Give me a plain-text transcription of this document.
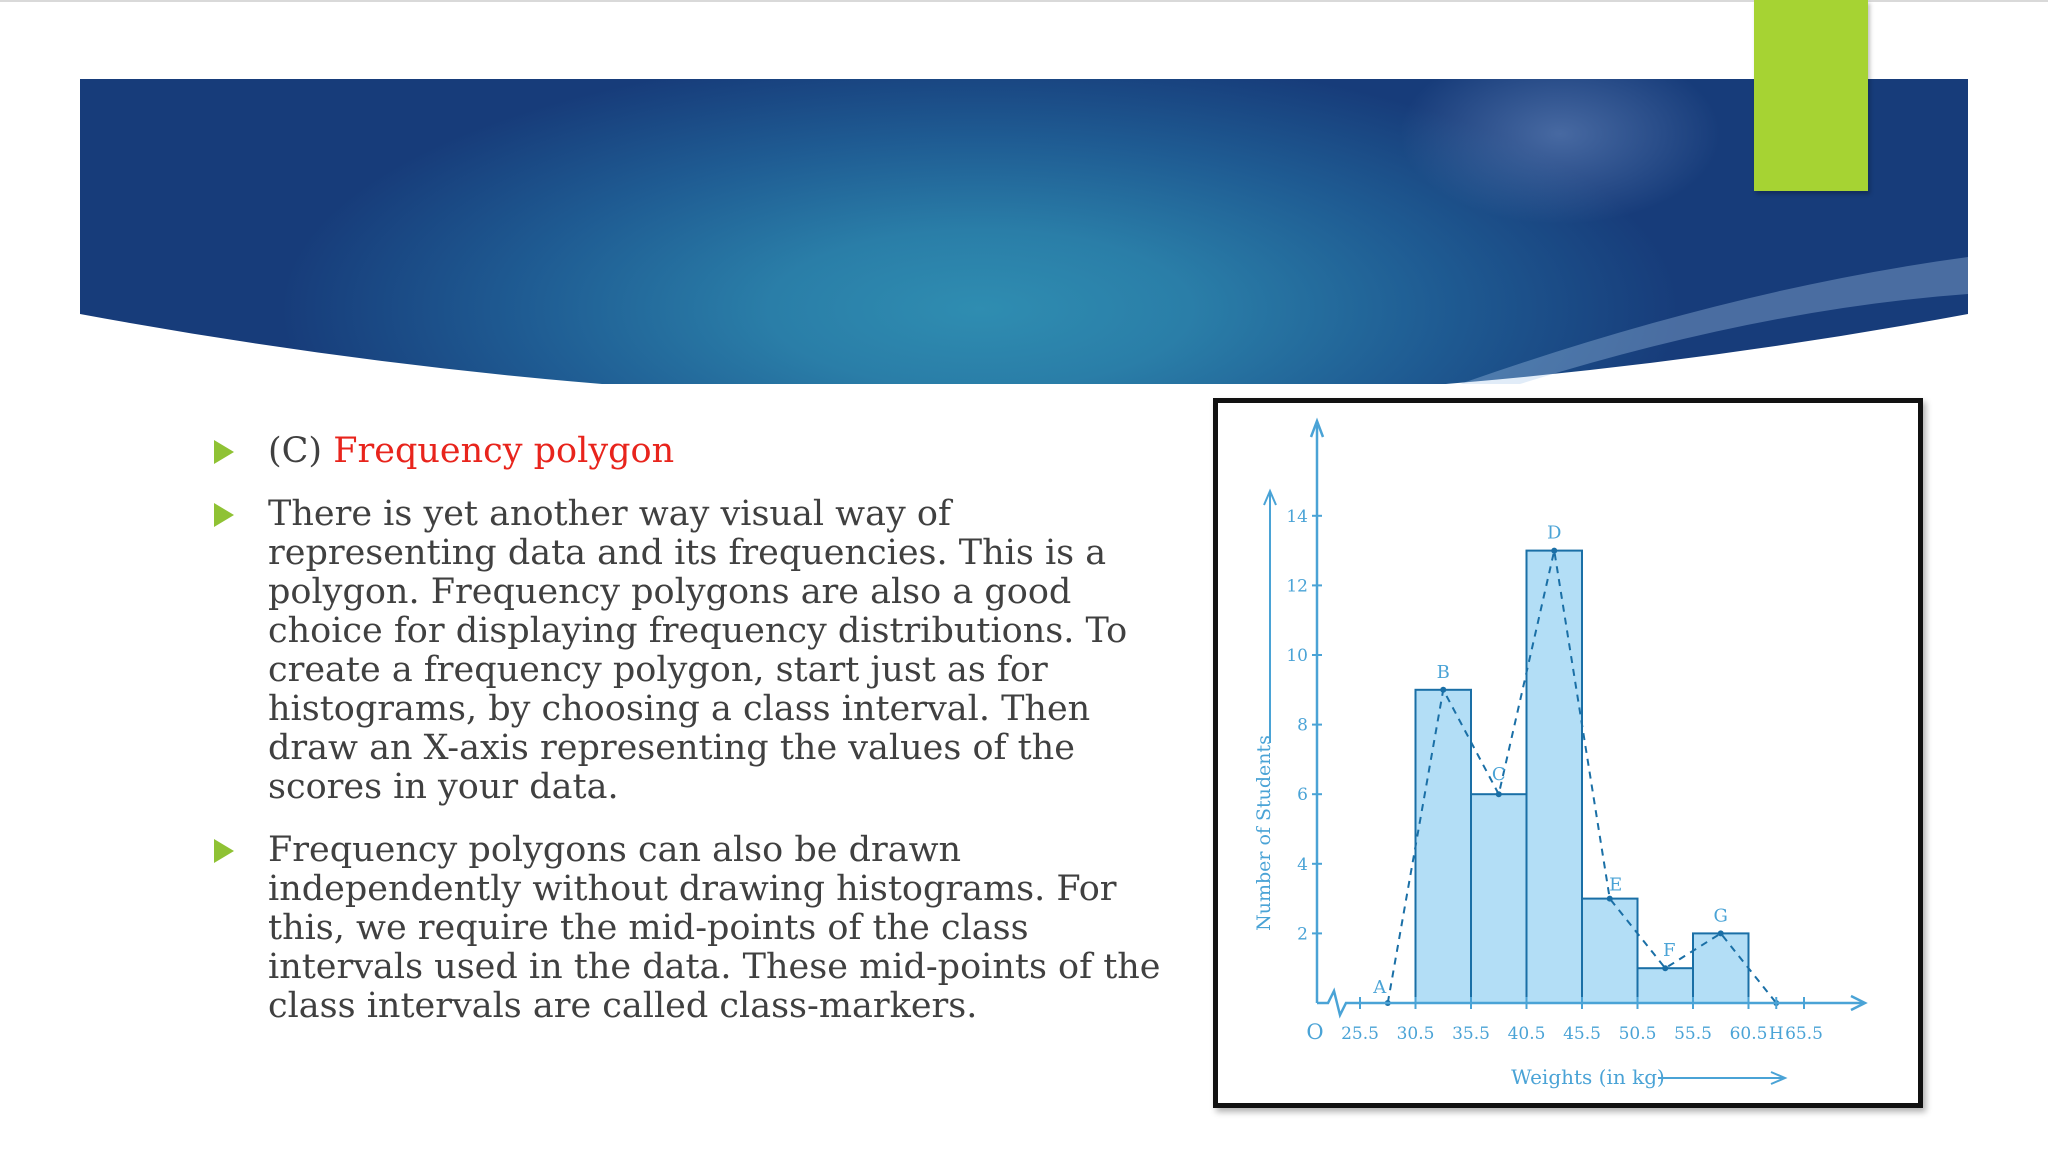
(C) Frequency polygon
There is yet another way visual way of representing data and its frequencies. This is a polygon. Frequency polygons are also a good choice for displaying frequency distributions. To create a frequency polygon, start just as for histograms, by choosing a class interval. Then draw an X-axis representing the values of the scores in your data.
Frequency polygons can also be drawn independently without drawing histograms. For this, we require the mid-points of the class intervals used in the data. These mid-points of the class intervals are called class-markers.
2
4
6
8
10
12
14
25.5 30.5 35.5 40.5 45.5 50.5 55.5 60.5 H 65.5
A
B
C
D
E
F
G
Number of Students
Weights (in kg)
O
